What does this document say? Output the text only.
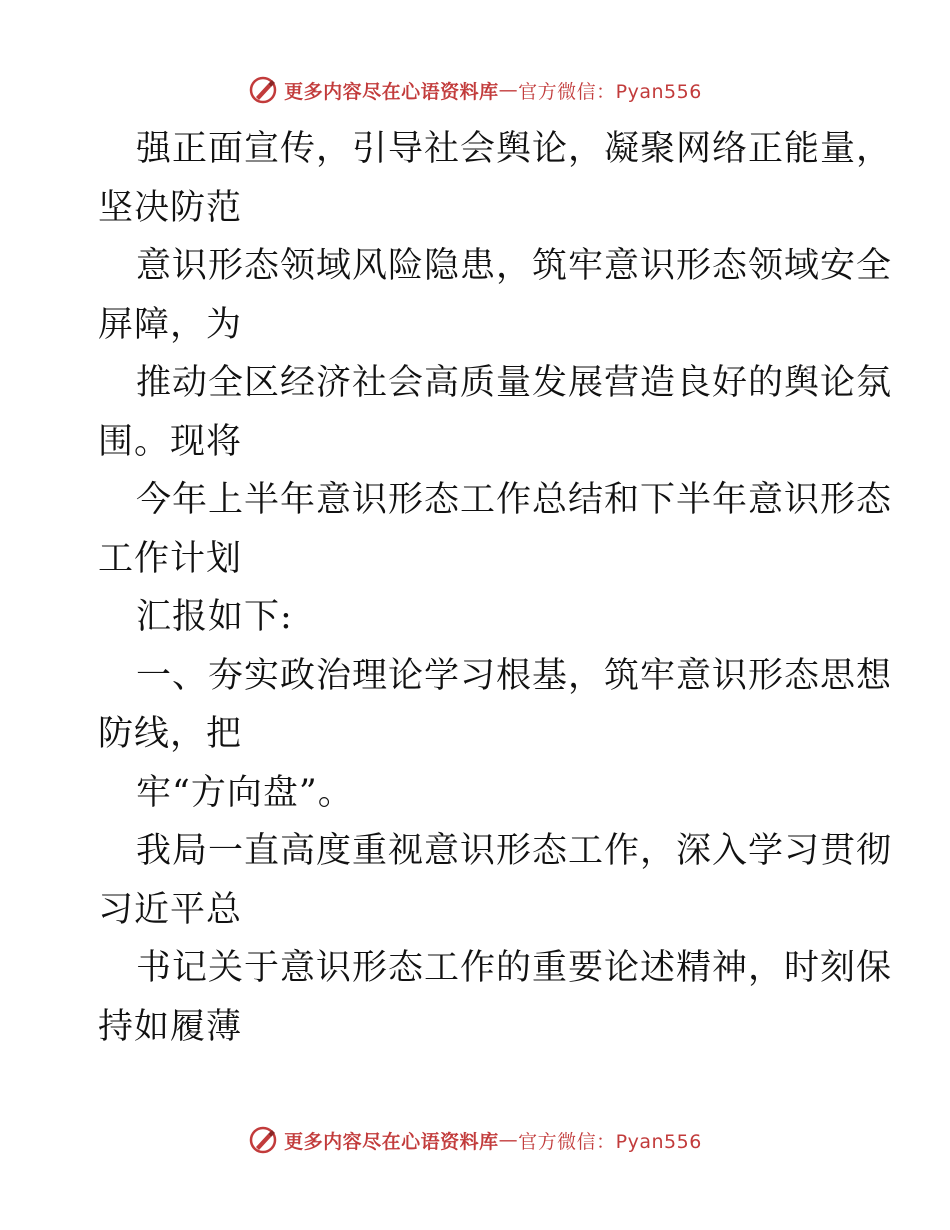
更多内容尽在心语资料库 — 官方微信：Pyan556
强正面宣传，引导社会舆论，凝聚网络正能量，
坚决防范
意识形态领域风险隐患，筑牢意识形态领域安全
屏障，为
推动全区经济社会高质量发展营造良好的舆论氛
围。现将
今年上半年意识形态工作总结和下半年意识形态
工作计划
汇报如下:
一、夯实政治理论学习根基，筑牢意识形态思想
防线，把
牢“方向盘”。
我局一直高度重视意识形态工作，深入学习贯彻
习近平总
书记关于意识形态工作的重要论述精神，时刻保
持如履薄
更多内容尽在心语资料库 — 官方微信：Pyan556
